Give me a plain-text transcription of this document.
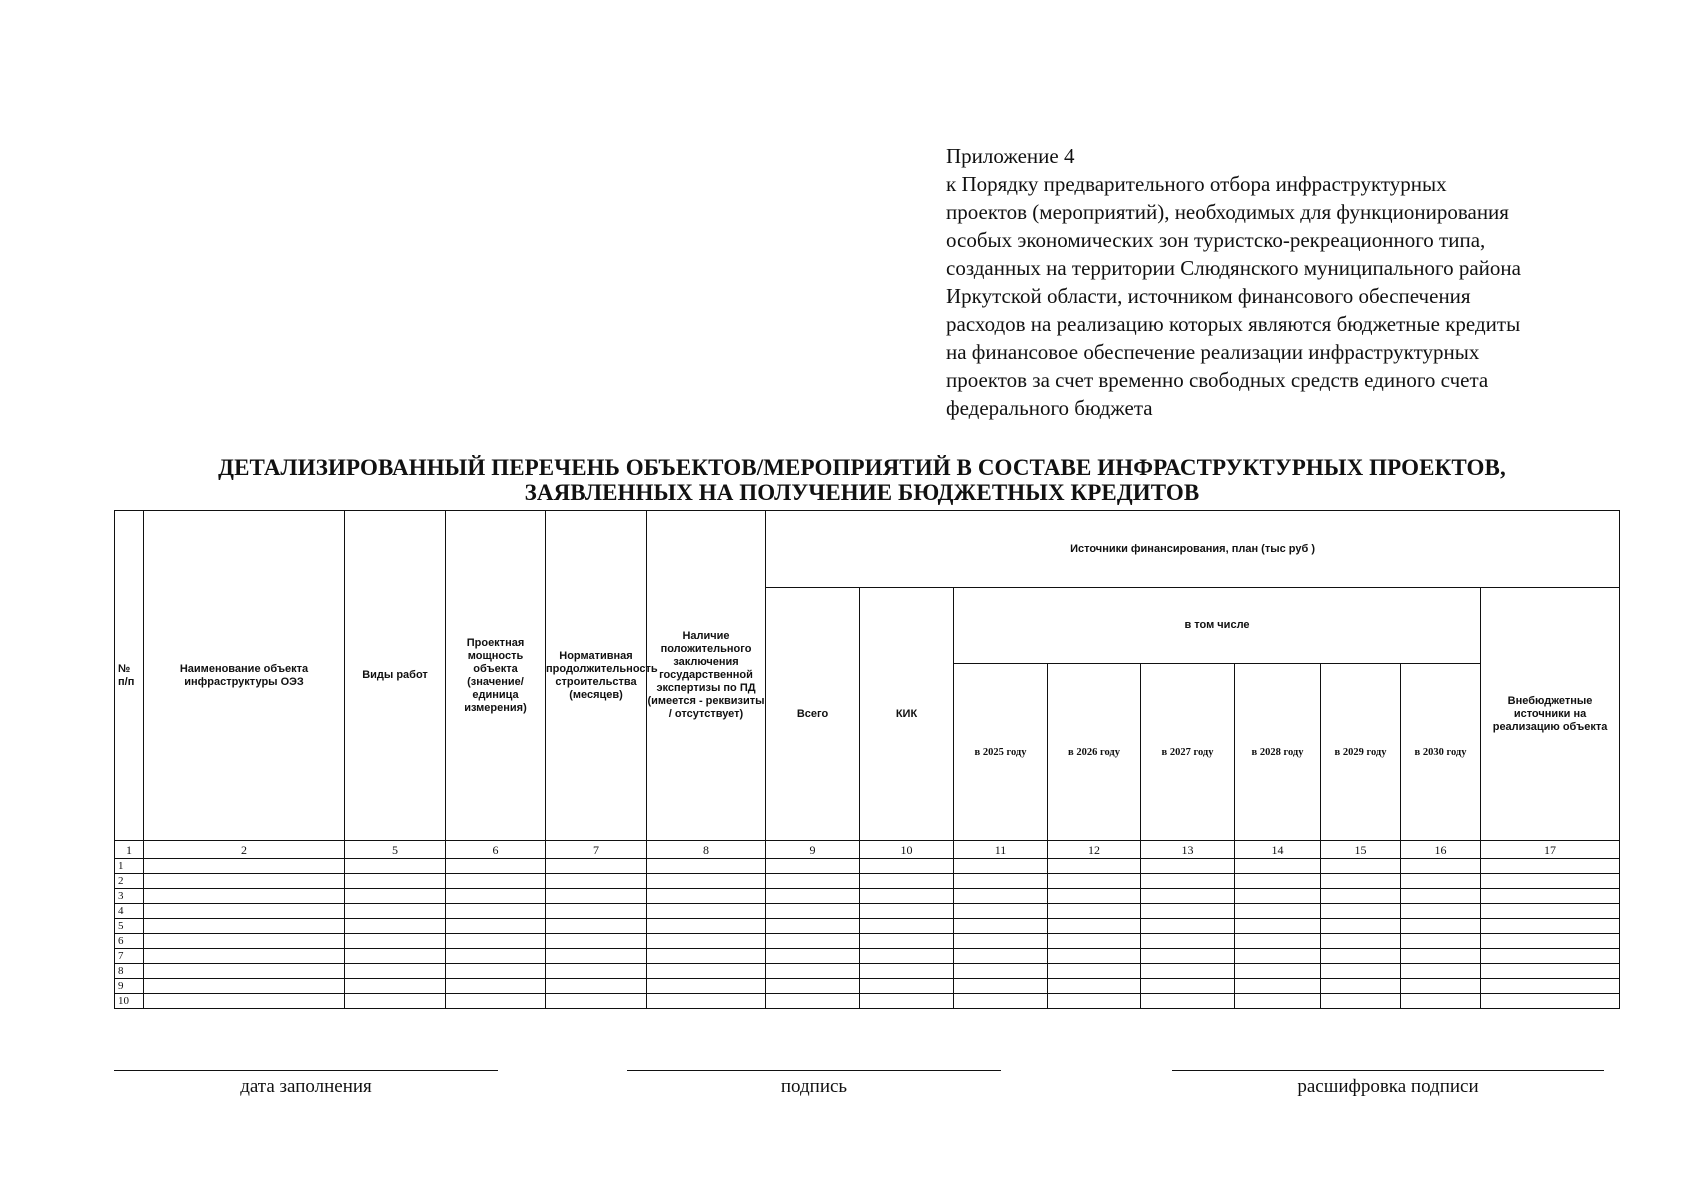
Приложение 4
к Порядку предварительного отбора инфраструктурных
проектов (мероприятий), необходимых для функционирования
особых экономических зон туристско-рекреационного типа,
созданных на территории Слюдянского муниципального района
Иркутской области, источником финансового обеспечения
расходов на реализацию которых являются бюджетные кредиты
на финансовое обеспечение реализации инфраструктурных
проектов за счет временно свободных средств единого счета
федерального бюджета
ДЕТАЛИЗИРОВАННЫЙ ПЕРЕЧЕНЬ ОБЪЕКТОВ/МЕРОПРИЯТИЙ В СОСТАВЕ ИНФРАСТРУКТУРНЫХ ПРОЕКТОВ,
ЗАЯВЛЕННЫХ НА ПОЛУЧЕНИЕ БЮДЖЕТНЫХ КРЕДИТОВ
№ п/п	Наименование объекта инфраструктуры ОЭЗ	Виды работ	Проектная мощность объекта (значение/единица измерения)	Нормативная продолжительность строительства (месяцев)	Наличие положительного заключения государственной экспертизы по ПД (имеется - реквизиты / отсутствует)	Источники финансирования, план (тыс руб )								
						Всего	КИК	в том числе						Внебюджетные источники на реализацию объекта
								в 2025 году	в 2026 году	в 2027 году	в 2028 году	в 2029 году	в 2030 году	
1	2	5	6	7	8	9	10	11	12	13	14	15	16	17
1														
2														
3														
4														
5														
6														
7														
8														
9														
10														
дата заполнения	подпись	расшифровка подписи
